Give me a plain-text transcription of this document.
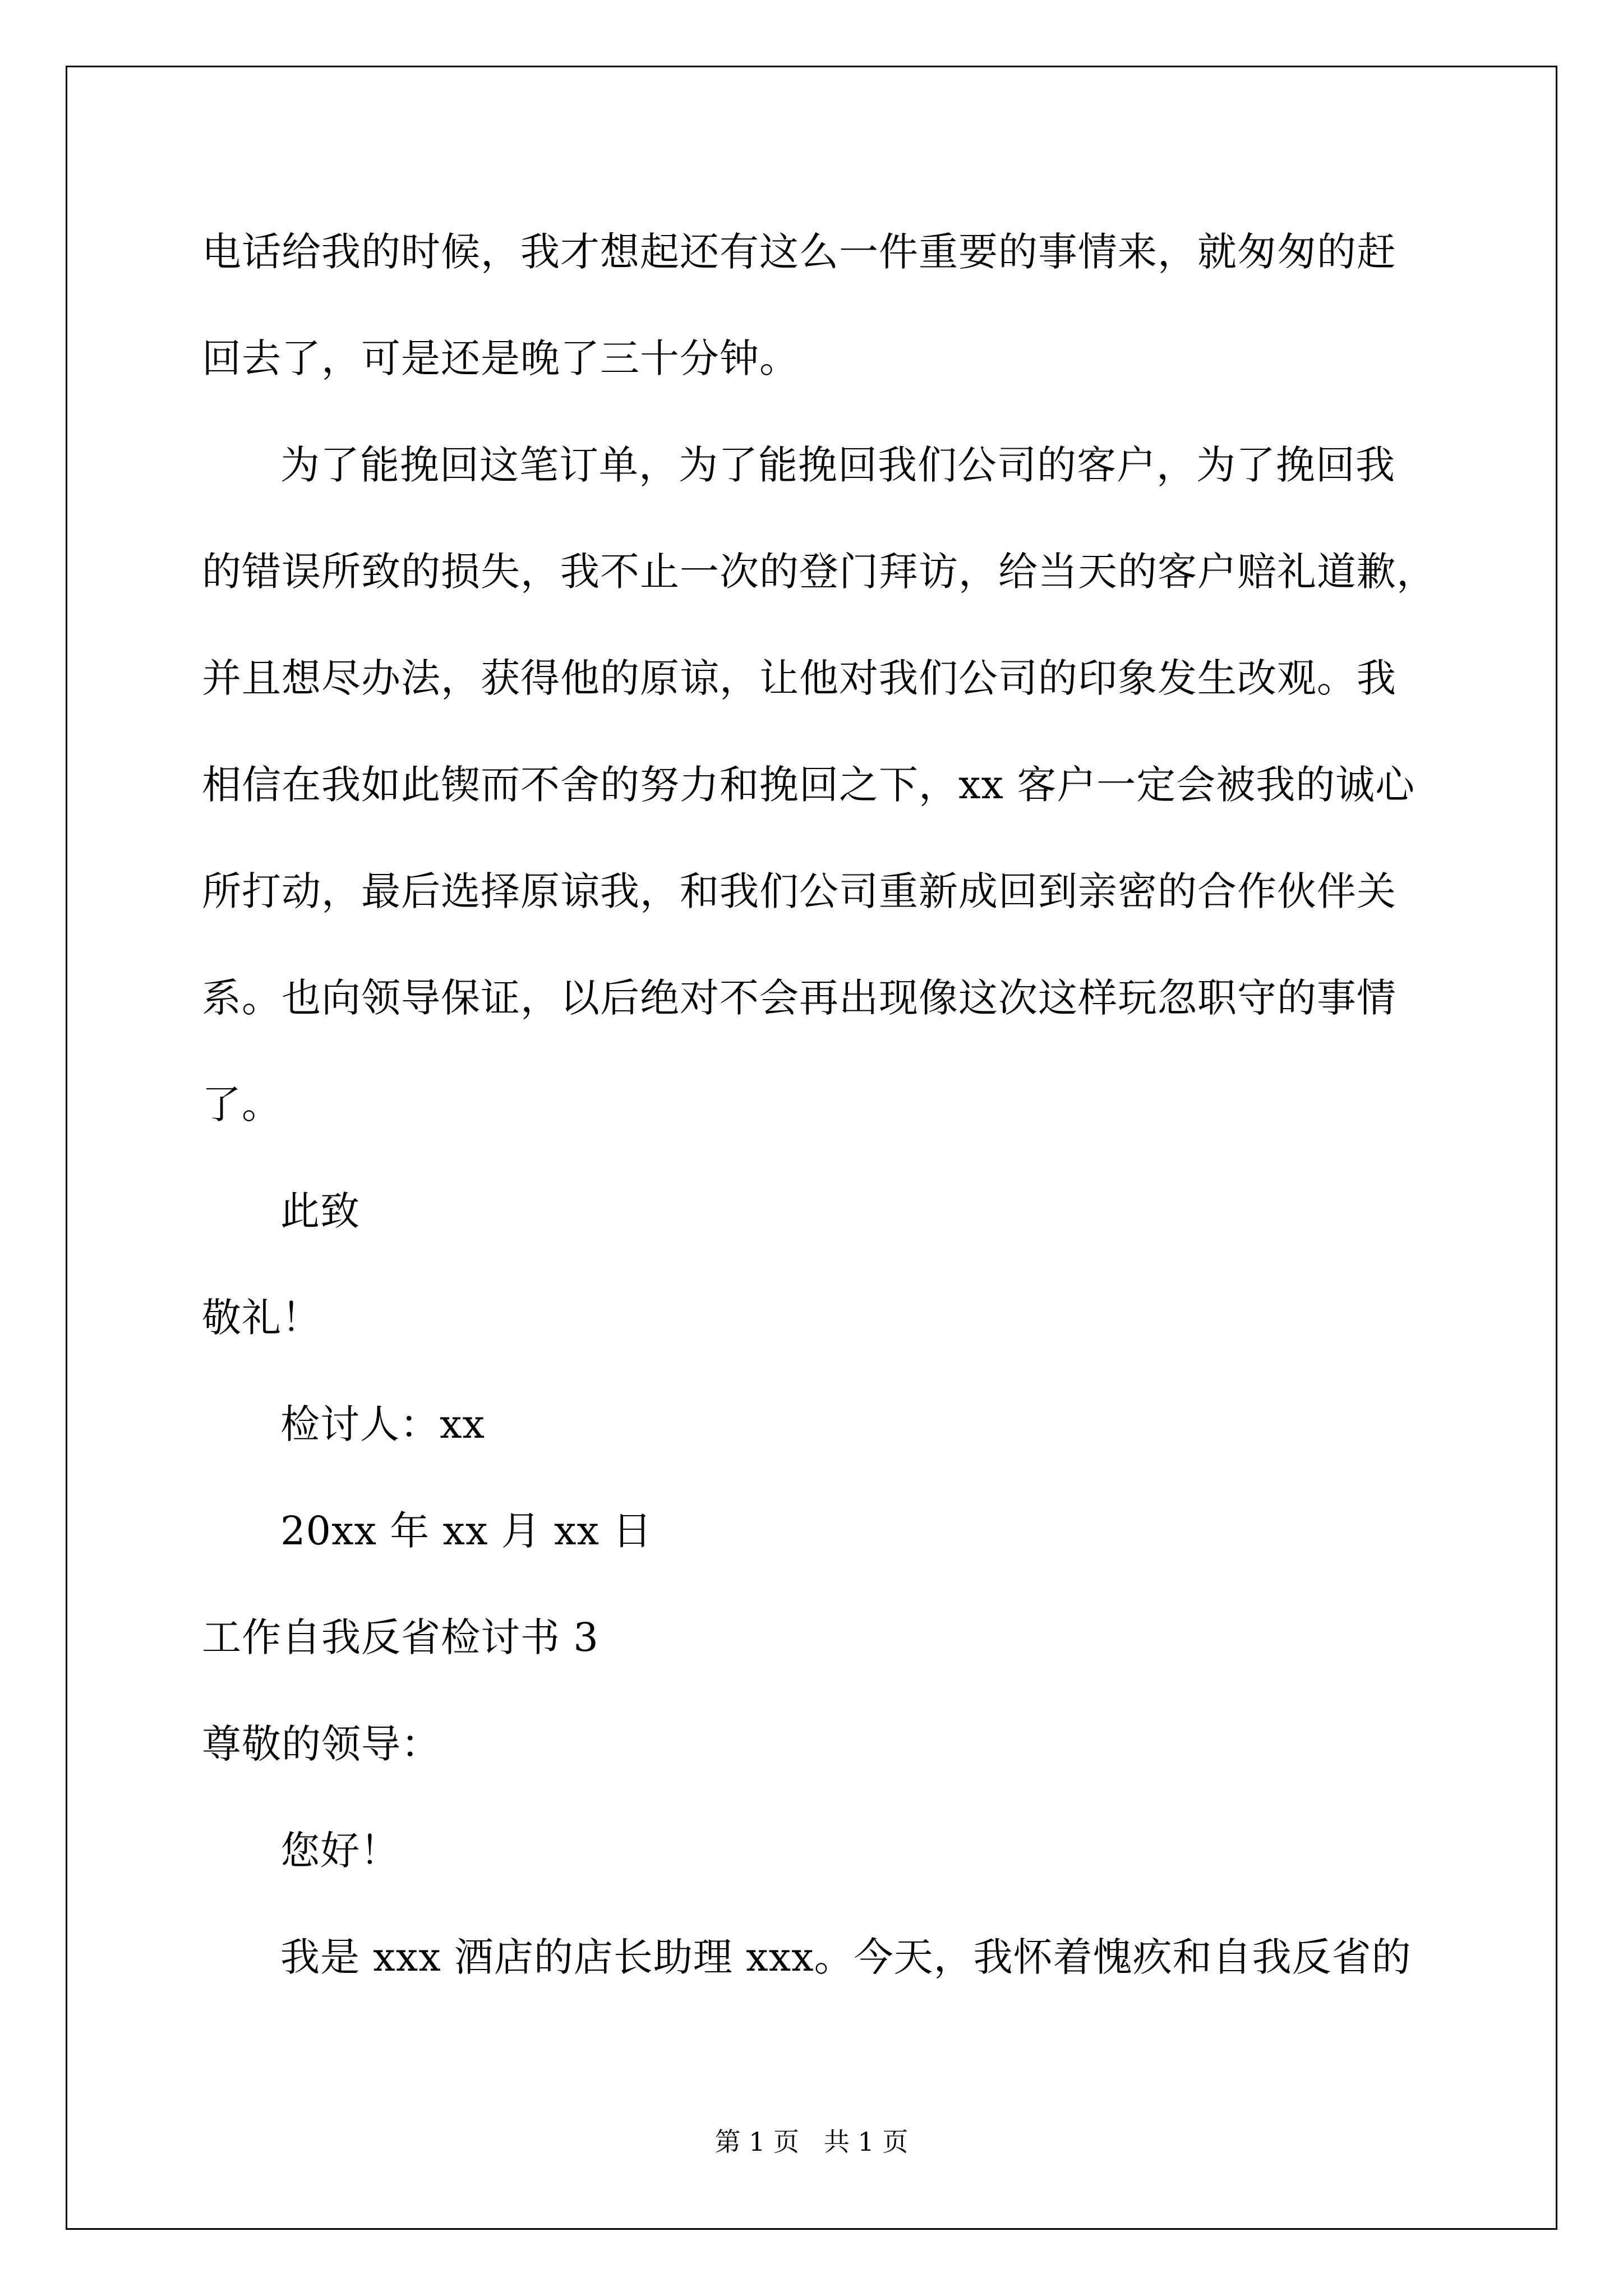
电话给我的时候，我才想起还有这么一件重要的事情来，就匆匆的赶
回去了，可是还是晚了三十分钟。
为了能挽回这笔订单，为了能挽回我们公司的客户，为了挽回我
的错误所致的损失，我不止一次的登门拜访，给当天的客户赔礼道歉，
并且想尽办法，获得他的原谅，让他对我们公司的印象发生改观。我
相信在我如此锲而不舍的努力和挽回之下，xx 客户一定会被我的诚心
所打动，最后选择原谅我，和我们公司重新成回到亲密的合作伙伴关
系。也向领导保证，以后绝对不会再出现像这次这样玩忽职守的事情
了。
此致
敬礼！
检讨人：xx
20xx 年 xx 月 xx 日
工作自我反省检讨书 3
尊敬的领导：
您好！
我是 xxx 酒店的店长助理 xxx。今天，我怀着愧疚和自我反省的
第 1 页   共 1 页
